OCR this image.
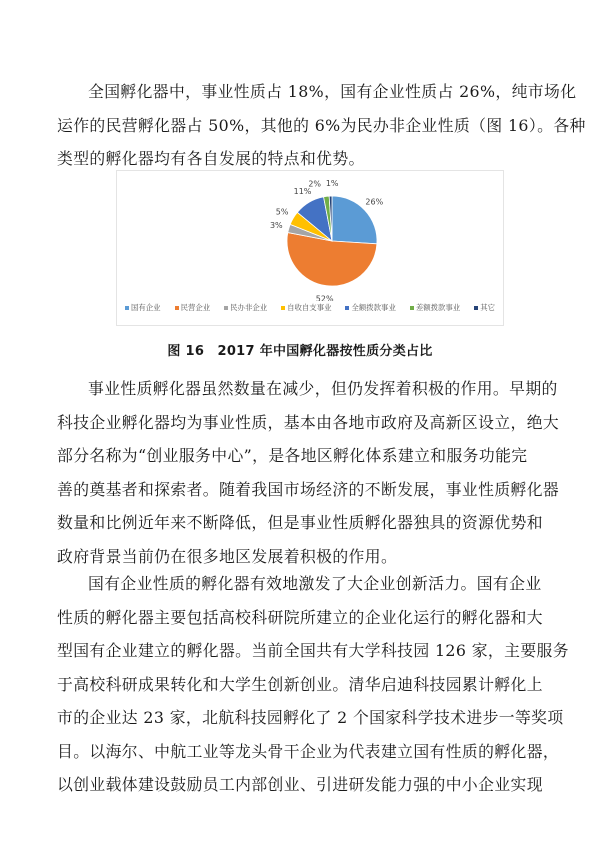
全国孵化器中，事业性质占 18%，国有企业性质占 26%，纯市场化
运作的民营孵化器占 50%，其他的 6%为民办非企业性质（图 16）。各种
类型的孵化器均有各自发展的特点和优势。
26%
52%
3%
5%
11%
2% 1%
国有企业	民营企业	民办非企业	自收自支事业	全额拨款事业	差额拨款事业	其它
图 16　2017 年中国孵化器按性质分类占比
事业性质孵化器虽然数量在减少，但仍发挥着积极的作用。早期的
科技企业孵化器均为事业性质，基本由各地市政府及高新区设立，绝大
部分名称为“创业服务中心”，是各地区孵化体系建立和服务功能完
善的奠基者和探索者。随着我国市场经济的不断发展，事业性质孵化器
数量和比例近年来不断降低，但是事业性质孵化器独具的资源优势和
政府背景当前仍在很多地区发展着积极的作用。
国有企业性质的孵化器有效地激发了大企业创新活力。国有企业
性质的孵化器主要包括高校科研院所建立的企业化运行的孵化器和大
型国有企业建立的孵化器。当前全国共有大学科技园 126 家，主要服务
于高校科研成果转化和大学生创新创业。清华启迪科技园累计孵化上
市的企业达 23 家，北航科技园孵化了 2 个国家科学技术进步一等奖项
目。以海尔、中航工业等龙头骨干企业为代表建立国有性质的孵化器，
以创业载体建设鼓励员工内部创业、引进研发能力强的中小企业实现
